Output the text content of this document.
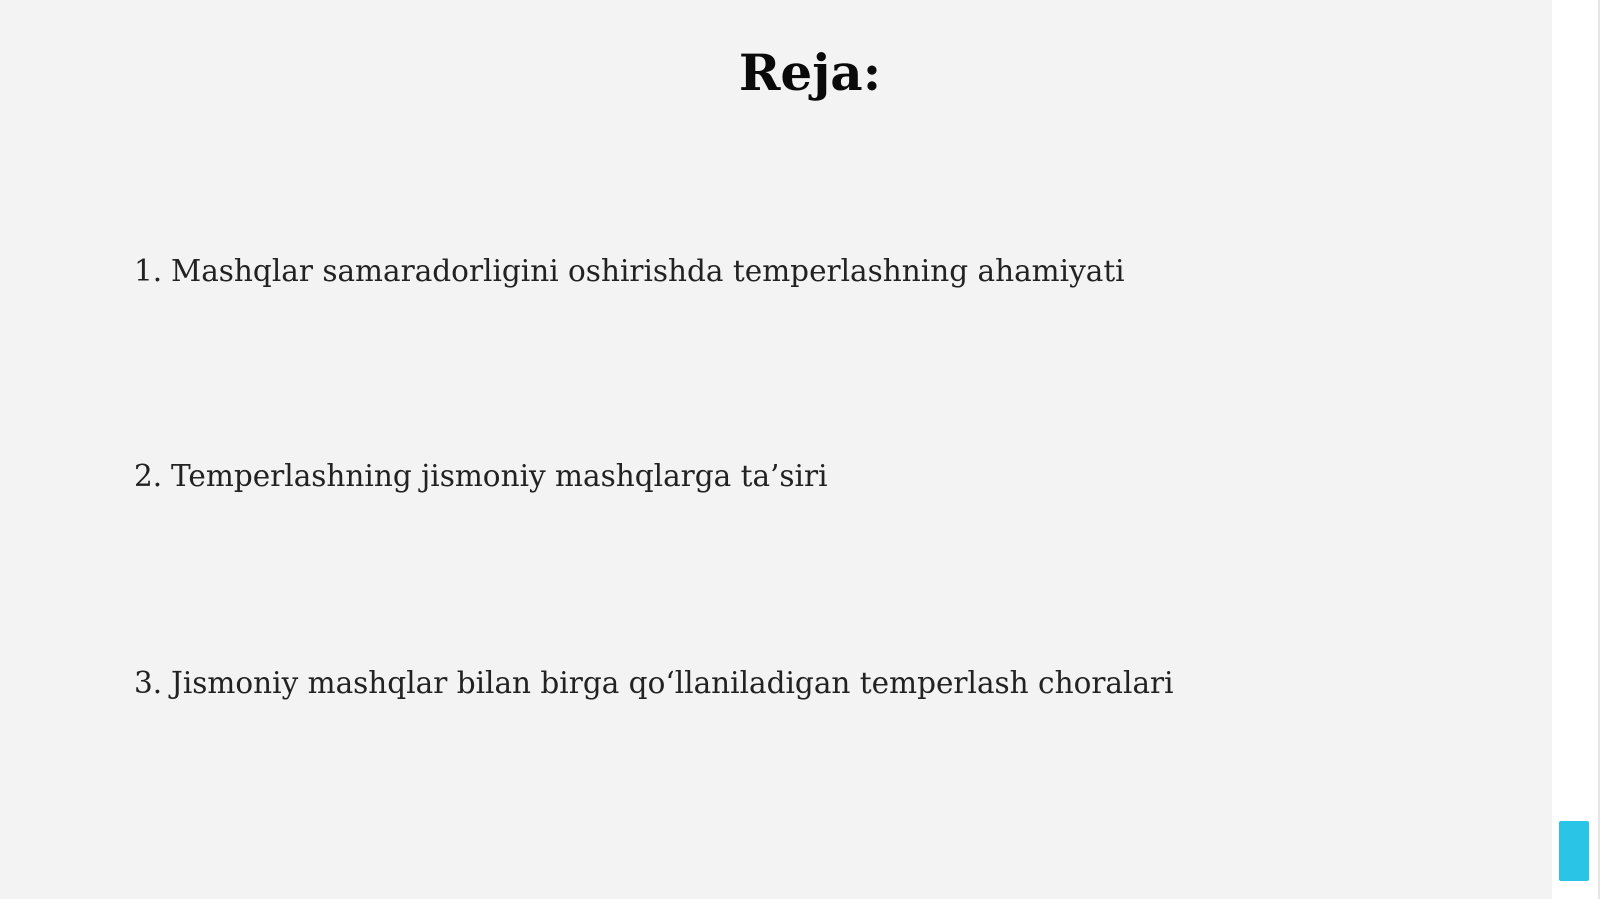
Reja:
1. Mashqlar samaradorligini oshirishda temperlashning ahamiyati
2. Temperlashning jismoniy mashqlarga ta’siri
3. Jismoniy mashqlar bilan birga qo‘llaniladigan temperlash choralari
